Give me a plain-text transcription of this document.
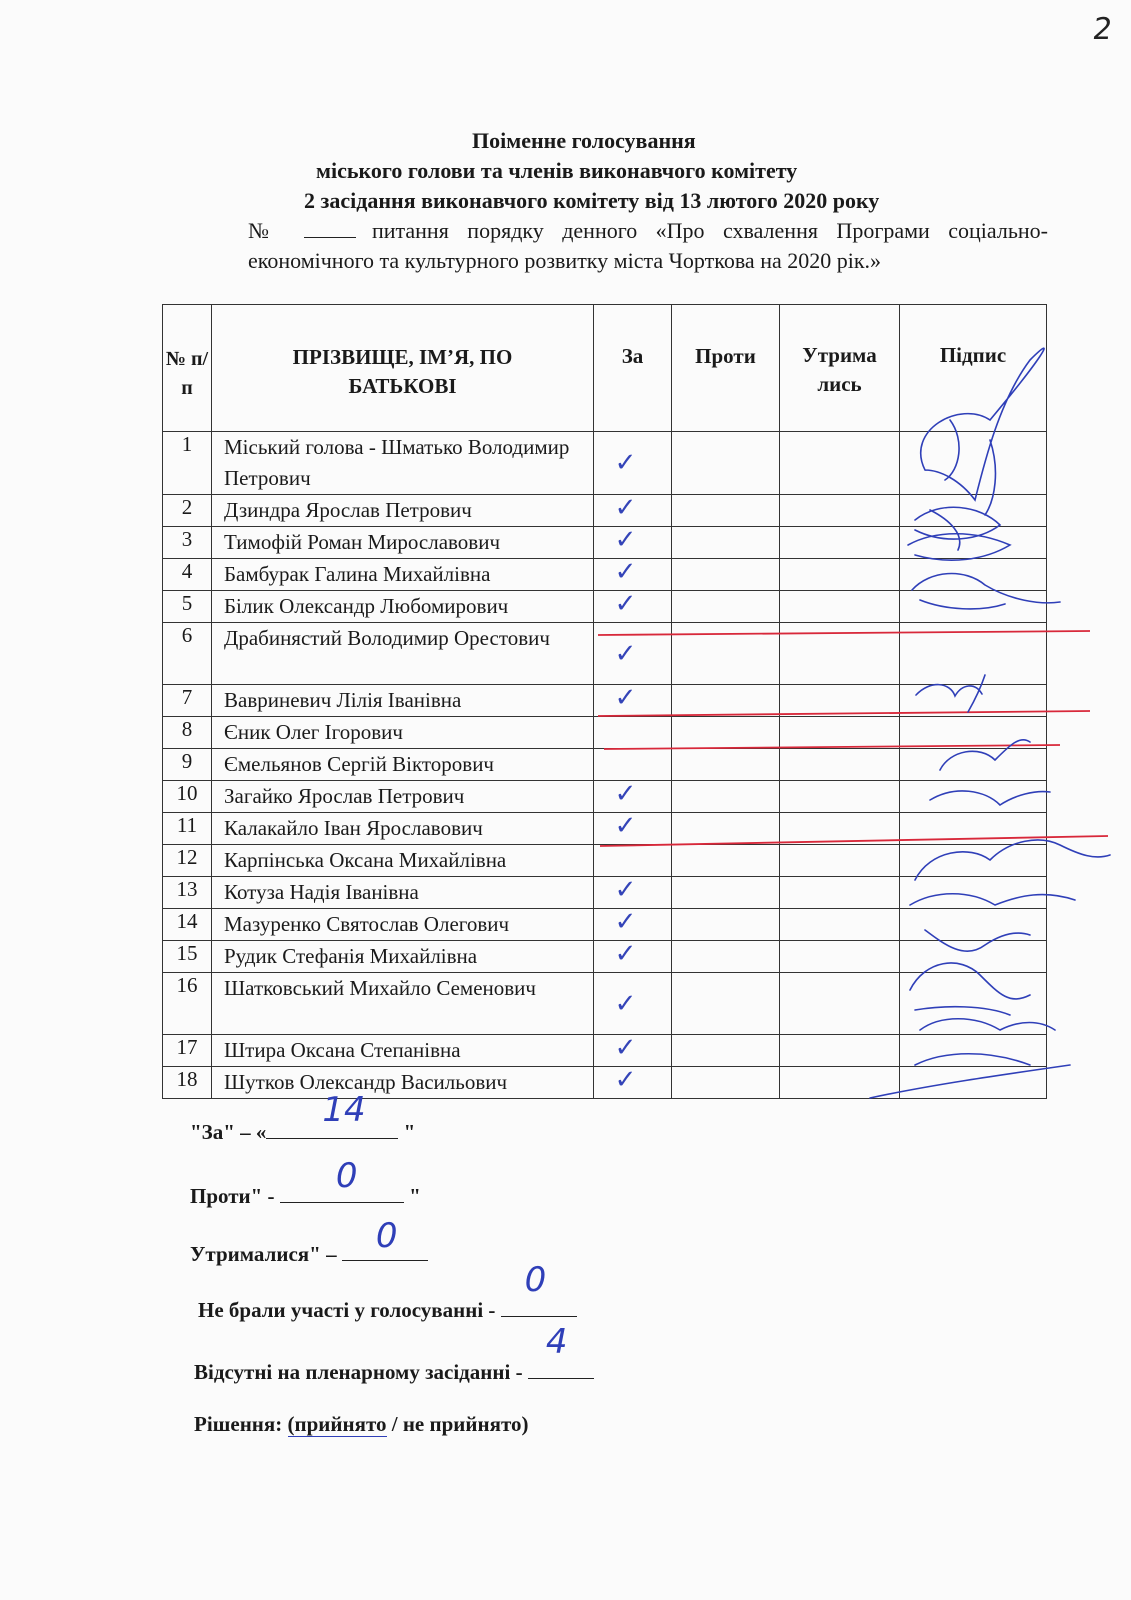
2
Поіменне голосування
міського голови та членів виконавчого комітету
2 засідання виконавчого комітету від 13 лютого 2020 року
№	питання порядку денного «Про схвалення Програми соціально-економічного та культурного розвитку міста Чорткова на 2020 рік.»
№ п/п	ПРІЗВИЩЕ, ІМ’Я, ПО БАТЬКОВІ	За	Проти	Утрима лись	Підпис
1	Міський голова - Шматько Володимир Петрович	✓			

2	Дзиндра Ярослав Петрович	✓			

3	Тимофій Роман Мирославович	✓			

4	Бамбурак Галина Михайлівна	✓			

5	Білик Олександр Любомирович	✓			

6	Драбинястий Володимир Орестович	✓			

7	Вавриневич Лілія Іванівна	✓			

8	Єник Олег Ігорович				
9	Ємельянов Сергій Вікторович				
10	Загайко Ярослав Петрович	✓			

11	Калакайло Іван Ярославович	✓			

12	Карпінська Оксана Михайлівна				
13	Котуза Надія Іванівна	✓			

14	Мазуренко Святослав Олегович	✓			

15	Рудик Стефанія Михайлівна	✓			

16	Шатковський Михайло Семенович	✓			

17	Штира Оксана Степанівна	✓			

18	Шутков Олександр Васильович	✓			

"За" – «
14
"
Проти" - 0 "
Утрималися" – 0
Не брали участі у голосуванні -
0
Відсутні на пленарному засіданні -
4
Рішення: (прийнято / не прийнято)
